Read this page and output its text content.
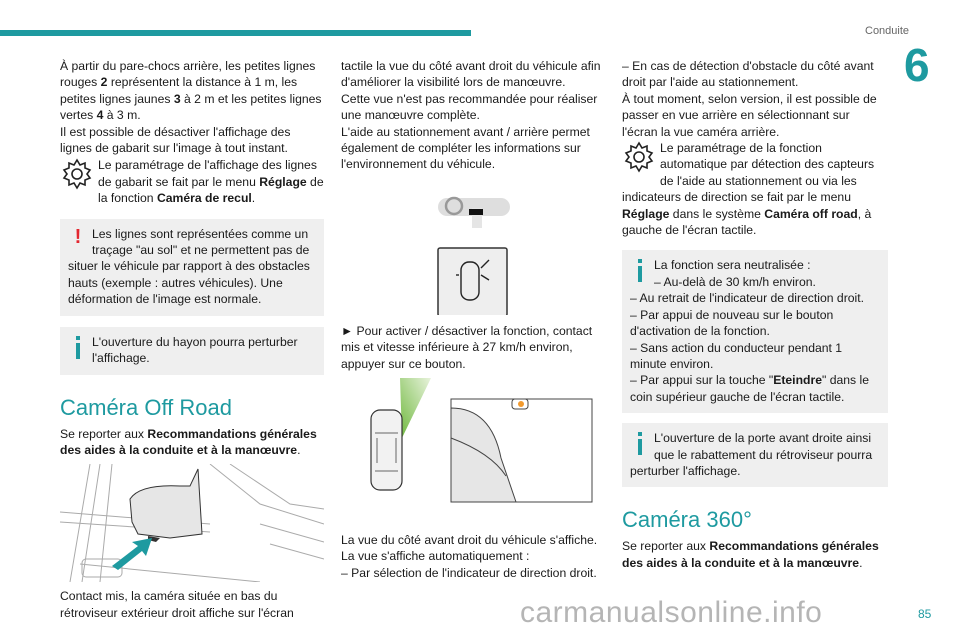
Conduite
6

À partir du pare-chocs arrière, les petites lignes rouges 2 représentent la distance à 1 m, les petites lignes jaunes 3 à 2 m et les petites lignes vertes 4 à 3 m.

Il est possible de désactiver l'affichage des lignes de gabarit sur l'image à tout instant.

Le paramétrage de l'affichage des lignes de gabarit se fait par le menu Réglage de la fonction Caméra de recul.
! Les lignes sont représentées comme un traçage "au sol" et ne permettent pas de situer le véhicule par rapport à des obstacles hauts (exemple : autres véhicules). Une déformation de l'image est normale.
L'ouverture du hayon pourra perturber l'affichage.
Caméra Off Road

Se reporter aux Recommandations générales des aides à la conduite et à la manœuvre.

Contact mis, la caméra située en bas du rétroviseur extérieur droit affiche sur l'écran

tactile la vue du côté avant droit du véhicule afin d'améliorer la visibilité lors de manœuvre.

Cette vue n'est pas recommandée pour réaliser une manœuvre complète.

L'aide au stationnement avant / arrière permet également de compléter les informations sur l'environnement du véhicule.

► Pour activer / désactiver la fonction, contact mis et vitesse inférieure à 27 km/h environ, appuyer sur ce bouton.

La vue du côté avant droit du véhicule s'affiche.

La vue s'affiche automatiquement :

– Par sélection de l'indicateur de direction droit.

– En cas de détection d'obstacle du côté avant droit par l'aide au stationnement.

À tout moment, selon version, il est possible de passer en vue arrière en sélectionnant sur l'écran la vue caméra arrière.

Le paramétrage de la fonction automatique par détection des capteurs de l'aide au stationnement ou via les indicateurs de direction se fait par le menu Réglage dans le système Caméra off road, à gauche de l'écran tactile.
La fonction sera neutralisée :
– Au-delà de 30 km/h environ.
– Au retrait de l'indicateur de direction droit.
– Par appui de nouveau sur le bouton d'activation de la fonction.
– Sans action du conducteur pendant 1 minute environ.
– Par appui sur la touche "Eteindre" dans le coin supérieur gauche de l'écran tactile.
L'ouverture de la porte avant droite ainsi que le rabattement du rétroviseur pourra perturber l'affichage.
Caméra 360°

Se reporter aux Recommandations générales des aides à la conduite et à la manœuvre.

carmanualsonline.info	85
